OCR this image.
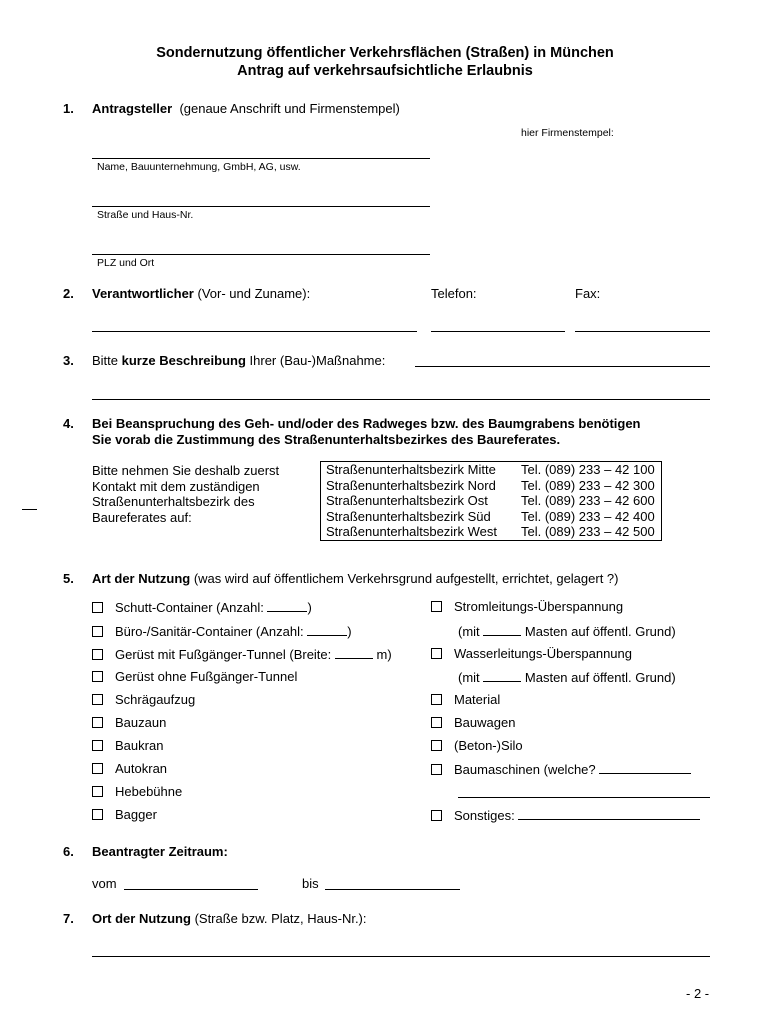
Sondernutzung öffentlicher Verkehrsflächen (Straßen) in München
Antrag auf verkehrsaufsichtliche Erlaubnis
1. Antragsteller (genaue Anschrift und Firmenstempel)
hier Firmenstempel:
Name, Bauunternehmung, GmbH, AG, usw.
Straße und Haus-Nr.
PLZ und Ort
2. Verantwortlicher (Vor- und Zuname):	Telefon:	Fax:
3. Bitte kurze Beschreibung Ihrer (Bau-)Maßnahme:
4. Bei Beanspruchung des Geh- und/oder des Radweges bzw. des Baumgrabens benötigen
Sie vorab die Zustimmung des Straßenunterhaltsbezirkes des Baureferates.
Bitte nehmen Sie deshalb zuerst
Kontakt mit dem zuständigen
Straßenunterhaltsbezirk des
Baureferates auf:
Straßenunterhaltsbezirk Mitte	Tel. (089) 233 – 42 100
Straßenunterhaltsbezirk Nord	Tel. (089) 233 – 42 300
Straßenunterhaltsbezirk Ost	Tel. (089) 233 – 42 600
Straßenunterhaltsbezirk Süd	Tel. (089) 233 – 42 400
Straßenunterhaltsbezirk West	Tel. (089) 233 – 42 500
5. Art der Nutzung (was wird auf öffentlichem Verkehrsgrund aufgestellt, errichtet, gelagert ?)
Schutt-Container (Anzahl:	)
Büro-/Sanitär-Container (Anzahl:	)
Gerüst mit Fußgänger-Tunnel (Breite:	m)
Gerüst ohne Fußgänger-Tunnel
Schrägaufzug
Bauzaun
Baukran
Autokran
Hebebühne
Bagger
Stromleitungs-Überspannung
(mit	Masten auf öffentl. Grund)
Wasserleitungs-Überspannung
(mit	Masten auf öffentl. Grund)
Material
Bauwagen
(Beton-)Silo
Baumaschinen (welche?
Sonstiges:
6. Beantragter Zeitraum:
vom	bis
7. Ort der Nutzung (Straße bzw. Platz, Haus-Nr.):
- 2 -
